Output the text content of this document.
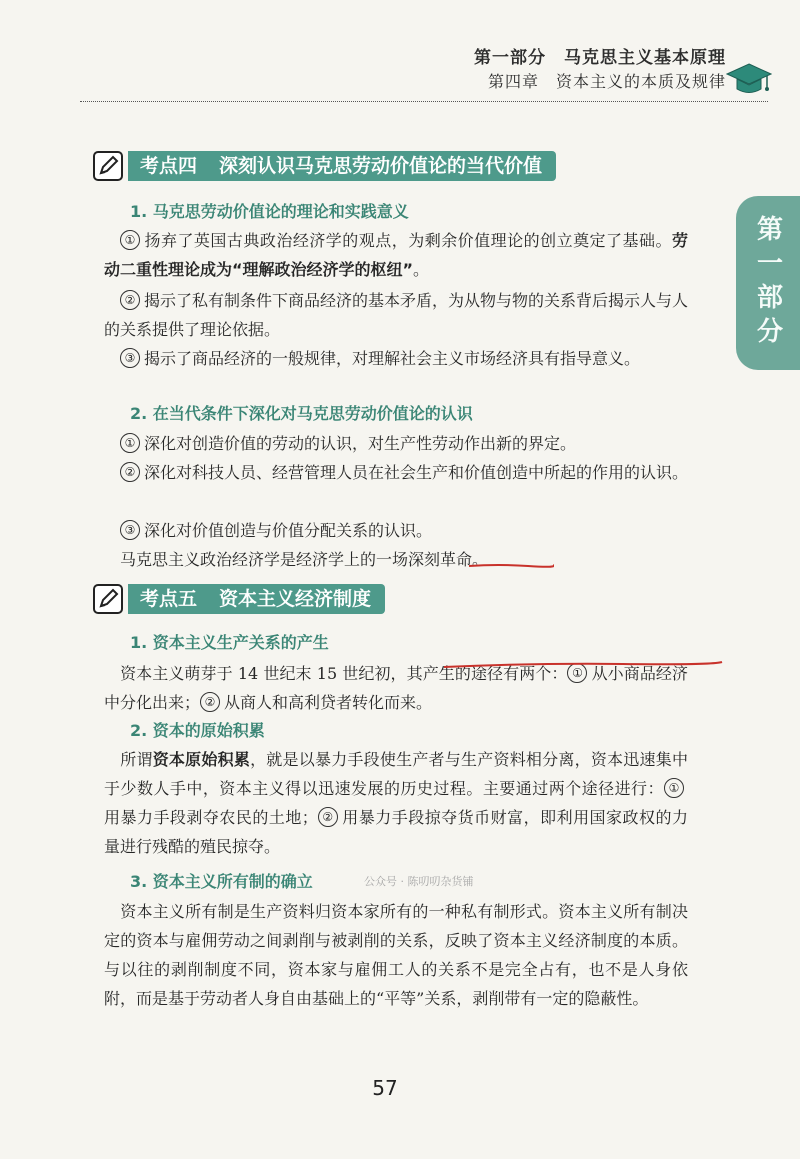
第一部分　马克思主义基本原理
第四章　资本主义的本质及规律
第一部分
考点四 深刻认识马克思劳动价值论的当代价值
1. 马克思劳动价值论的理论和实践意义
 ① 扬弃了英国古典政治经济学的观点，为剩余价值理论的创立奠定了基础。劳动二重性理论成为“理解政治经济学的枢纽”。
 ② 揭示了私有制条件下商品经济的基本矛盾，为从物与物的关系背后揭示人与人的关系提供了理论依据。
 ③ 揭示了商品经济的一般规律，对理解社会主义市场经济具有指导意义。
2. 在当代条件下深化对马克思劳动价值论的认识
 ① 深化对创造价值的劳动的认识，对生产性劳动作出新的界定。
 ② 深化对科技人员、经营管理人员在社会生产和价值创造中所起的作用的认识。
 ③ 深化对价值创造与价值分配关系的认识。
 马克思主义政治经济学是经济学上的一场深刻革命。
考点五 资本主义经济制度
1. 资本主义生产关系的产生
 资本主义萌芽于 14 世纪末 15 世纪初，其产生的途径有两个： ① 从小商品经济中分化出来； ② 从商人和高利贷者转化而来。
2. 资本的原始积累
 所谓资本原始积累，就是以暴力手段使生产者与生产资料相分离，资本迅速集中于少数人手中，资本主义得以迅速发展的历史过程。主要通过两个途径进行： ①用暴力手段剥夺农民的土地； ② 用暴力手段掠夺货币财富，即利用国家政权的力量进行残酷的殖民掠夺。
3. 资本主义所有制的确立	公众号 · 陈叨叨杂货铺
 资本主义所有制是生产资料归资本家所有的一种私有制形式。资本主义所有制决定的资本与雇佣劳动之间剥削与被剥削的关系，反映了资本主义经济制度的本质。与以往的剥削制度不同，资本家与雇佣工人的关系不是完全占有，也不是人身依附，而是基于劳动者人身自由基础上的“平等”关系，剥削带有一定的隐蔽性。
57
